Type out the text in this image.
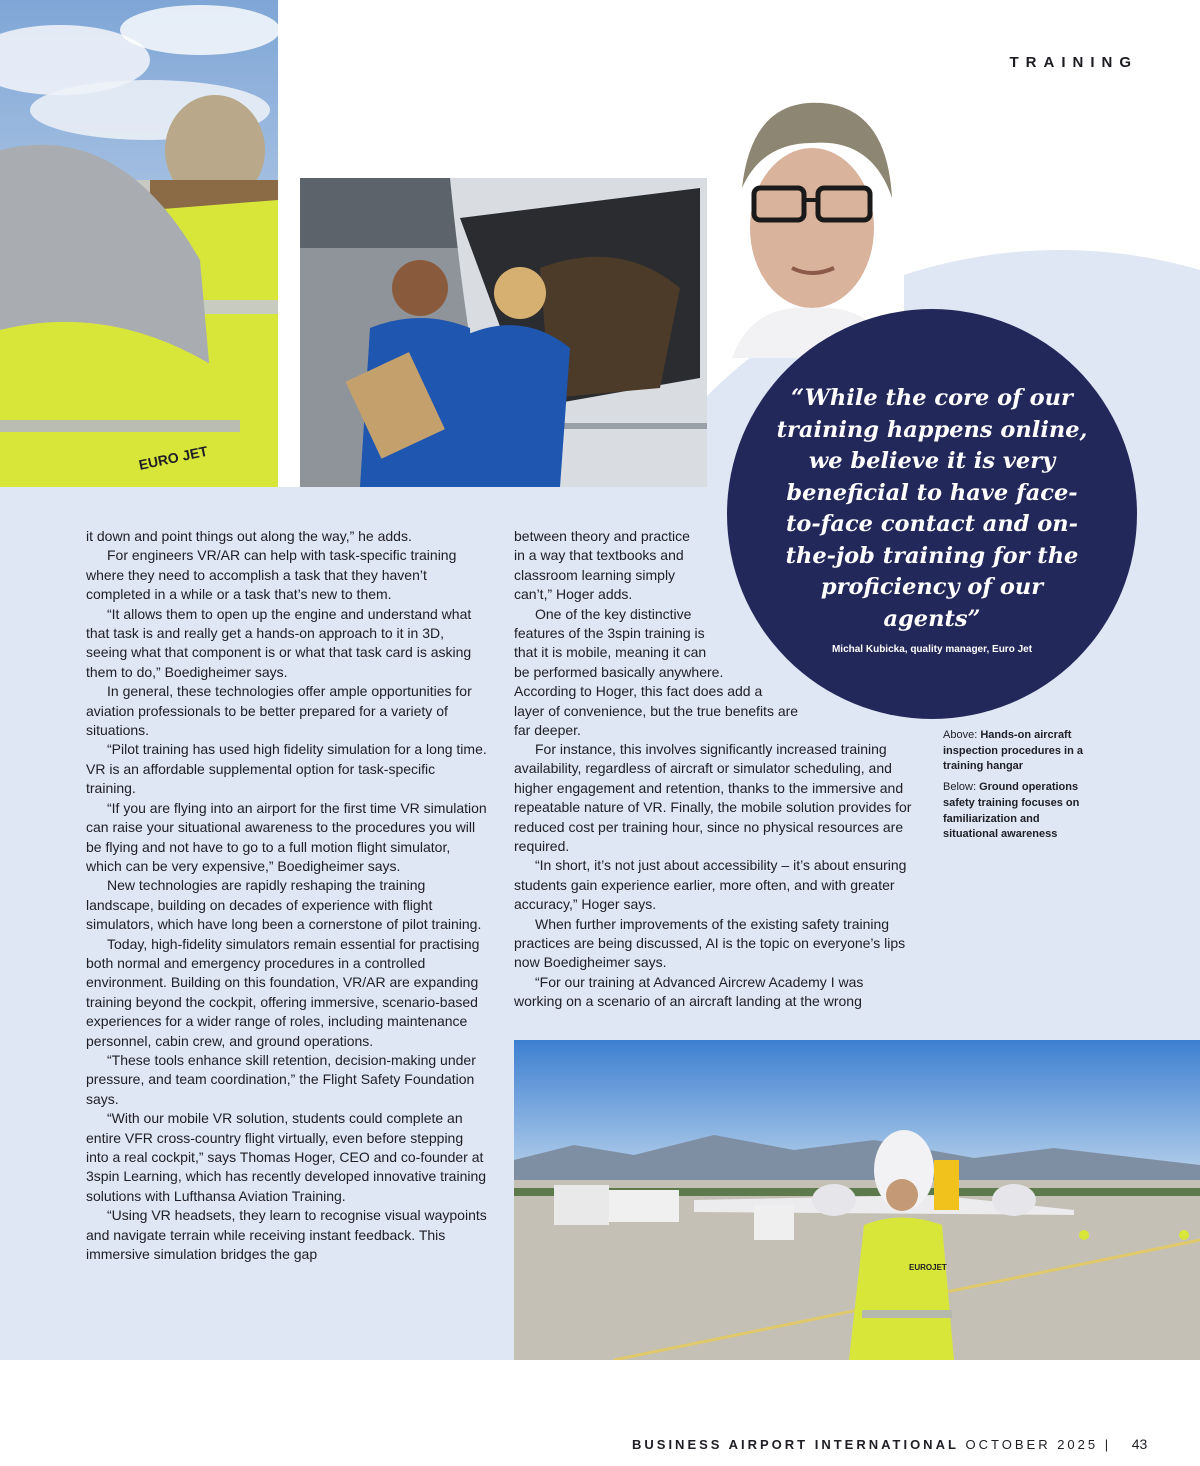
TRAINING
EURO JET

“While the core of our training happens online, we believe it is very beneficial to have face-to-face contact and on-the-job training for the proficiency of our agents”

Michal Kubicka, quality manager, Euro Jet

Above: Hands-on aircraft inspection procedures in a training hangar

Below: Ground operations safety training focuses on familiarization and situational awareness

it down and point things out along the way,” he adds.

For engineers VR/AR can help with task-specific training where they need to accomplish a task that they haven’t completed in a while or a task that’s new to them.

“It allows them to open up the engine and understand what that task is and really get a hands-on approach to it in 3D, seeing what that component is or what that task card is asking them to do,” Boedigheimer says.

In general, these technologies offer ample opportunities for aviation professionals to be better prepared for a variety of situations.

“Pilot training has used high fidelity simulation for a long time. VR is an affordable supplemental option for task-specific training.

“If you are flying into an airport for the first time VR simulation can raise your situational awareness to the procedures you will be flying and not have to go to a full motion flight simulator, which can be very expensive,” Boedigheimer says.

New technologies are rapidly reshaping the training landscape, building on decades of experience with flight simulators, which have long been a cornerstone of pilot training.

Today, high-fidelity simulators remain essential for practising both normal and emergency procedures in a controlled environment. Building on this foundation, VR/AR are expanding training beyond the cockpit, offering immersive, scenario-based experiences for a wider range of roles, including maintenance personnel, cabin crew, and ground operations.

“These tools enhance skill retention, decision-making under pressure, and team coordination,” the Flight Safety Foundation says.

“With our mobile VR solution, students could complete an entire VFR cross-country flight virtually, even before stepping into a real cockpit,” says Thomas Hoger, CEO and co-founder at 3spin Learning, which has recently developed innovative training solutions with Lufthansa Aviation Training.

“Using VR headsets, they learn to recognise visual waypoints and navigate terrain while receiving instant feedback. This immersive simulation bridges the gap

between theory and practice

in a way that textbooks and

classroom learning simply

can’t,” Hoger adds.

One of the key distinctive

features of the 3spin training is

that it is mobile, meaning it can

be performed basically anywhere.

According to Hoger, this fact does add a

layer of convenience, but the true benefits are

far deeper.

For instance, this involves significantly increased training availability, regardless of aircraft or simulator scheduling, and higher engagement and retention, thanks to the immersive and repeatable nature of VR. Finally, the mobile solution provides for reduced cost per training hour, since no physical resources are required.

“In short, it’s not just about accessibility – it’s about ensuring students gain experience earlier, more often, and with greater accuracy,” Hoger says.

When further improvements of the existing safety training practices are being discussed, AI is the topic on everyone’s lips now Boedigheimer says.

“For our training at Advanced Aircrew Academy I was working on a scenario of an aircraft landing at the wrong

EUROJET
BUSINESS AIRPORT INTERNATIONAL OCTOBER 2025 | 43
